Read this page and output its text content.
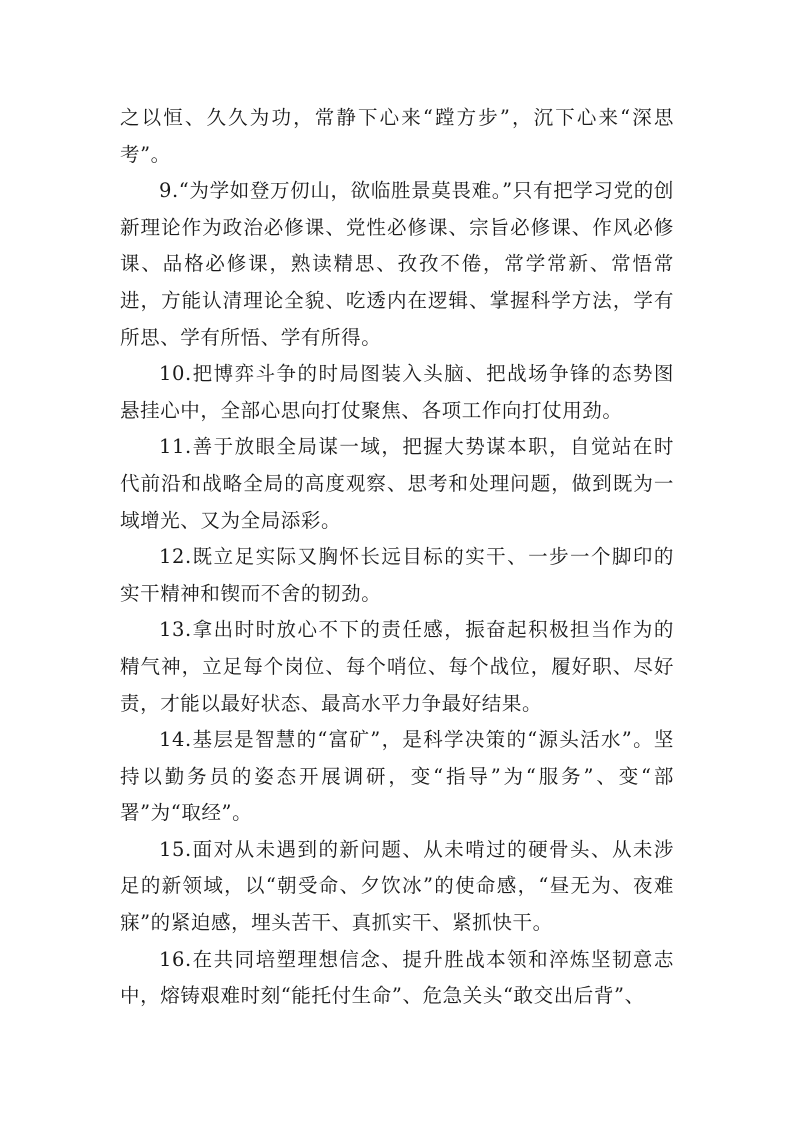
之以恒、久久为功，常静下心来“蹚方步”，沉下心来“深思考”。

9.“为学如登万仞山，欲临胜景莫畏难。”只有把学习党的创新理论作为政治必修课、党性必修课、宗旨必修课、作风必修课、品格必修课，熟读精思、孜孜不倦，常学常新、常悟常进，方能认清理论全貌、吃透内在逻辑、掌握科学方法，学有所思、学有所悟、学有所得。

10.把博弈斗争的时局图装入头脑、把战场争锋的态势图悬挂心中，全部心思向打仗聚焦、各项工作向打仗用劲。

11.善于放眼全局谋一域，把握大势谋本职，自觉站在时代前沿和战略全局的高度观察、思考和处理问题，做到既为一域增光、又为全局添彩。

12.既立足实际又胸怀长远目标的实干、一步一个脚印的实干精神和锲而不舍的韧劲。

13.拿出时时放心不下的责任感，振奋起积极担当作为的精气神，立足每个岗位、每个哨位、每个战位，履好职、尽好责，才能以最好状态、最高水平力争最好结果。

14.基层是智慧的“富矿”，是科学决策的“源头活水”。坚持以勤务员的姿态开展调研，变“指导”为“服务”、变“部署”为“取经”。

15.面对从未遇到的新问题、从未啃过的硬骨头、从未涉足的新领域，以“朝受命、夕饮冰”的使命感，“昼无为、夜难寐”的紧迫感，埋头苦干、真抓实干、紧抓快干。

16.在共同培塑理想信念、提升胜战本领和淬炼坚韧意志中，熔铸艰难时刻“能托付生命”、危急关头“敢交出后背”、
